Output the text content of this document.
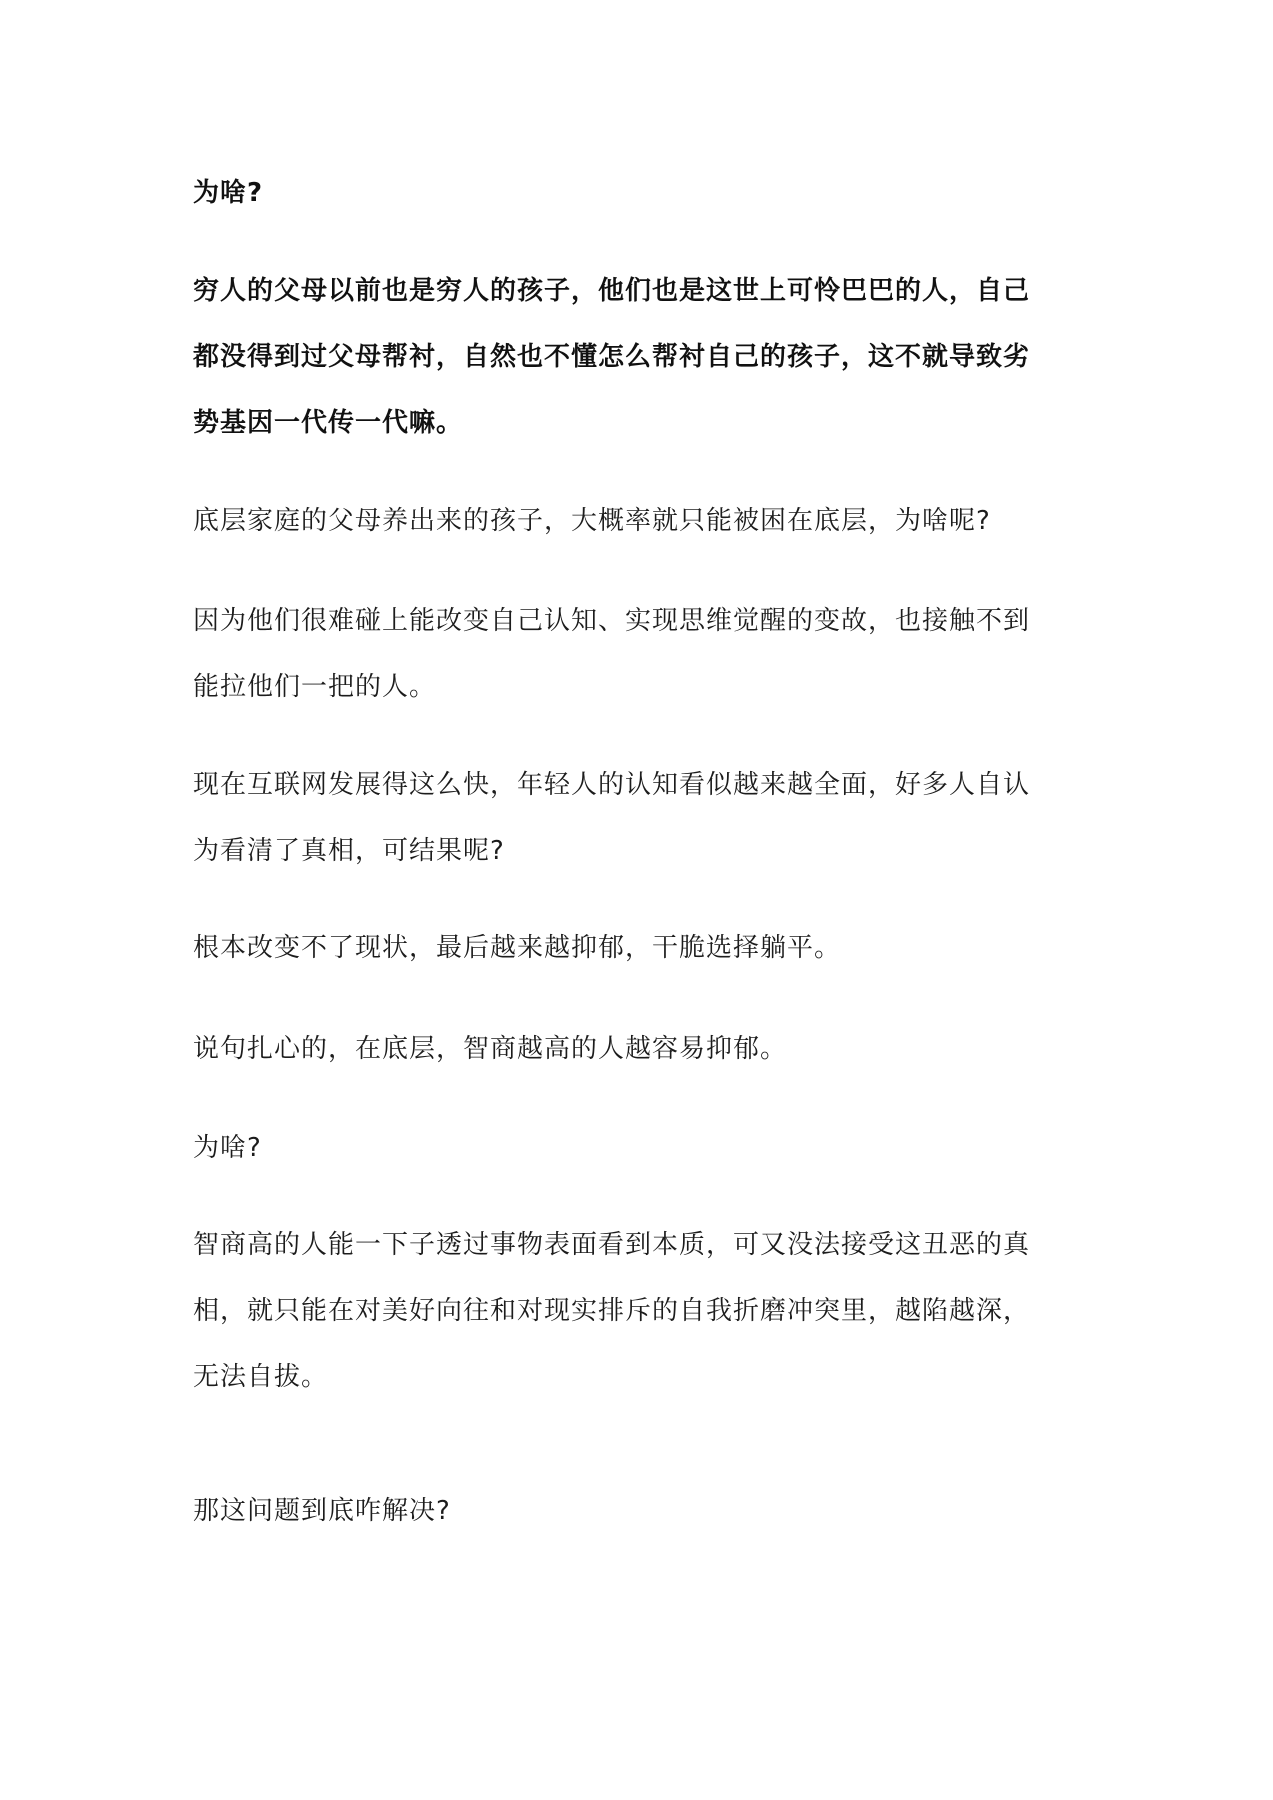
为啥?

穷人的父母以前也是穷人的孩子，他们也是这世上可怜巴巴的人，自己
都没得到过父母帮衬，自然也不懂怎么帮衬自己的孩子，这不就导致劣
势基因一代传一代嘛。

底层家庭的父母养出来的孩子，大概率就只能被困在底层，为啥呢?

因为他们很难碰上能改变自己认知、实现思维觉醒的变故，也接触不到
能拉他们一把的人。

现在互联网发展得这么快，年轻人的认知看似越来越全面，好多人自认
为看清了真相，可结果呢?

根本改变不了现状，最后越来越抑郁，干脆选择躺平。

说句扎心的，在底层，智商越高的人越容易抑郁。

为啥?

智商高的人能一下子透过事物表面看到本质，可又没法接受这丑恶的真
相，就只能在对美好向往和对现实排斥的自我折磨冲突里，越陷越深，
无法自拔。

那这问题到底咋解决?
